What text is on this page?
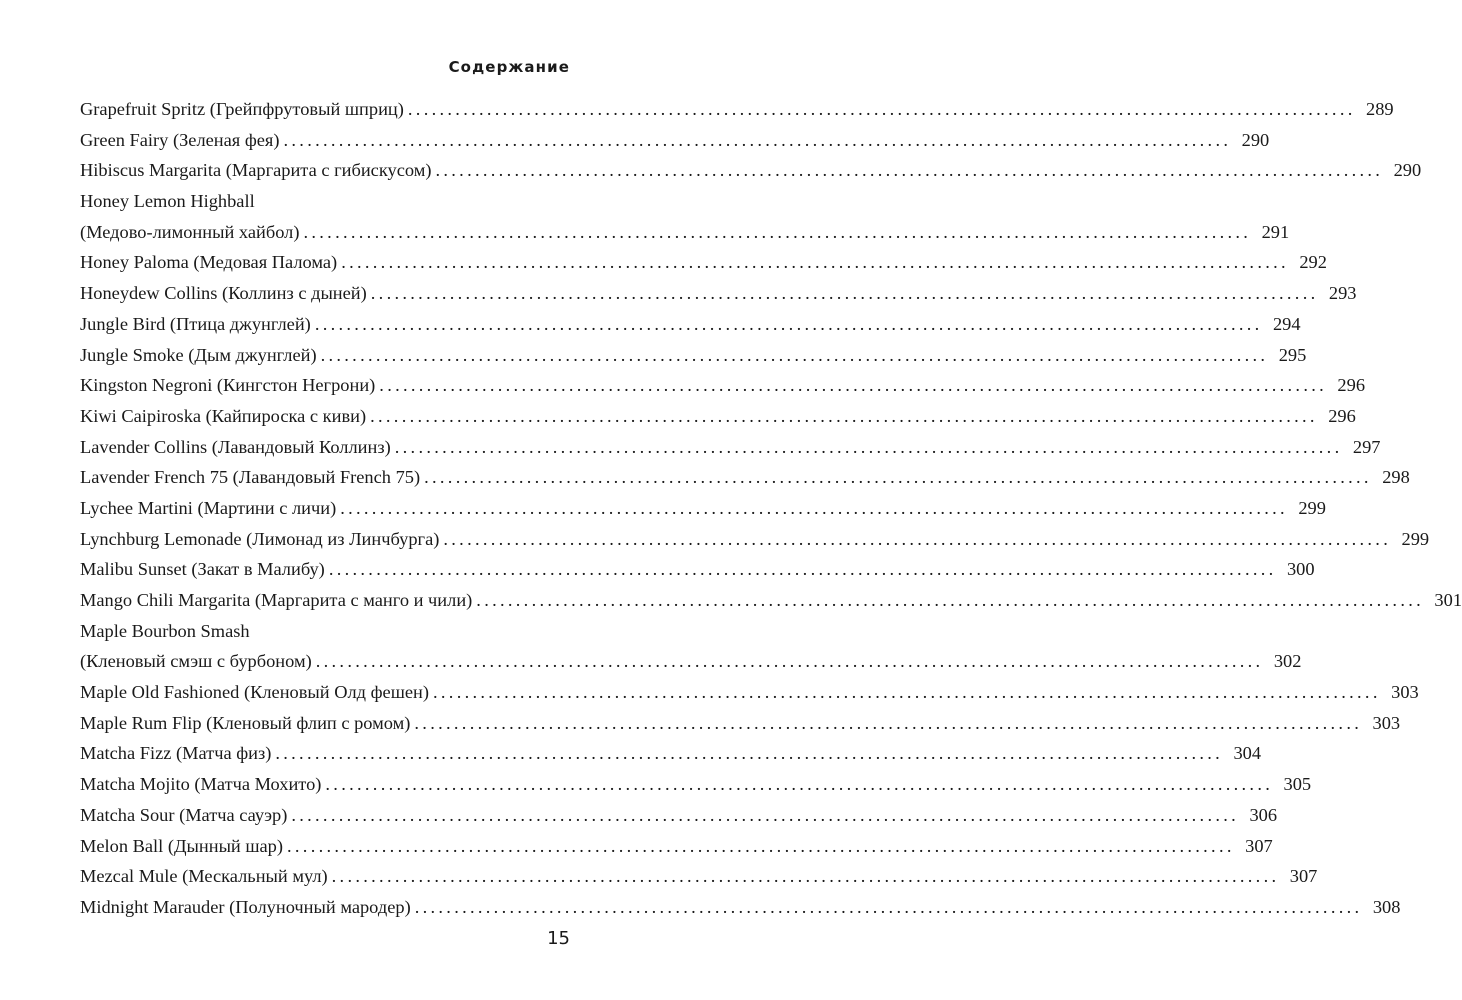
Содержание
Grapefruit Spritz (Грейпфрутовый шприц) ........................................................................................................................ 289
Green Fairy (Зеленая фея) ........................................................................................................................ 290
Hibiscus Margarita (Маргарита с гибискусом) ........................................................................................................................ 290
Honey Lemon Highball
(Медово-лимонный хайбол) ........................................................................................................................ 291
Honey Paloma (Медовая Палома) ........................................................................................................................ 292
Honeydew Collins (Коллинз с дыней) ........................................................................................................................ 293
Jungle Bird (Птица джунглей) ........................................................................................................................ 294
Jungle Smoke (Дым джунглей) ........................................................................................................................ 295
Kingston Negroni (Кингстон Негрони) ........................................................................................................................ 296
Kiwi Caipiroska (Кайпироска с киви) ........................................................................................................................ 296
Lavender Collins (Лавандовый Коллинз) ........................................................................................................................ 297
Lavender French 75 (Лавандовый French 75) ........................................................................................................................ 298
Lychee Martini (Мартини с личи) ........................................................................................................................ 299
Lynchburg Lemonade (Лимонад из Линчбурга) ........................................................................................................................ 299
Malibu Sunset (Закат в Малибу) ........................................................................................................................ 300
Mango Chili Margarita (Маргарита с манго и чили) ........................................................................................................................ 301
Maple Bourbon Smash
(Кленовый смэш с бурбоном) ........................................................................................................................ 302
Maple Old Fashioned (Кленовый Олд фешен) ........................................................................................................................ 303
Maple Rum Flip (Кленовый флип с ромом) ........................................................................................................................ 303
Matcha Fizz (Матча физ) ........................................................................................................................ 304
Matcha Mojito (Матча Мохито) ........................................................................................................................ 305
Matcha Sour (Матча сауэр) ........................................................................................................................ 306
Melon Ball (Дынный шар) ........................................................................................................................ 307
Mezcal Mule (Мескальный мул) ........................................................................................................................ 307
Midnight Marauder (Полуночный мародер) ........................................................................................................................ 308
15
